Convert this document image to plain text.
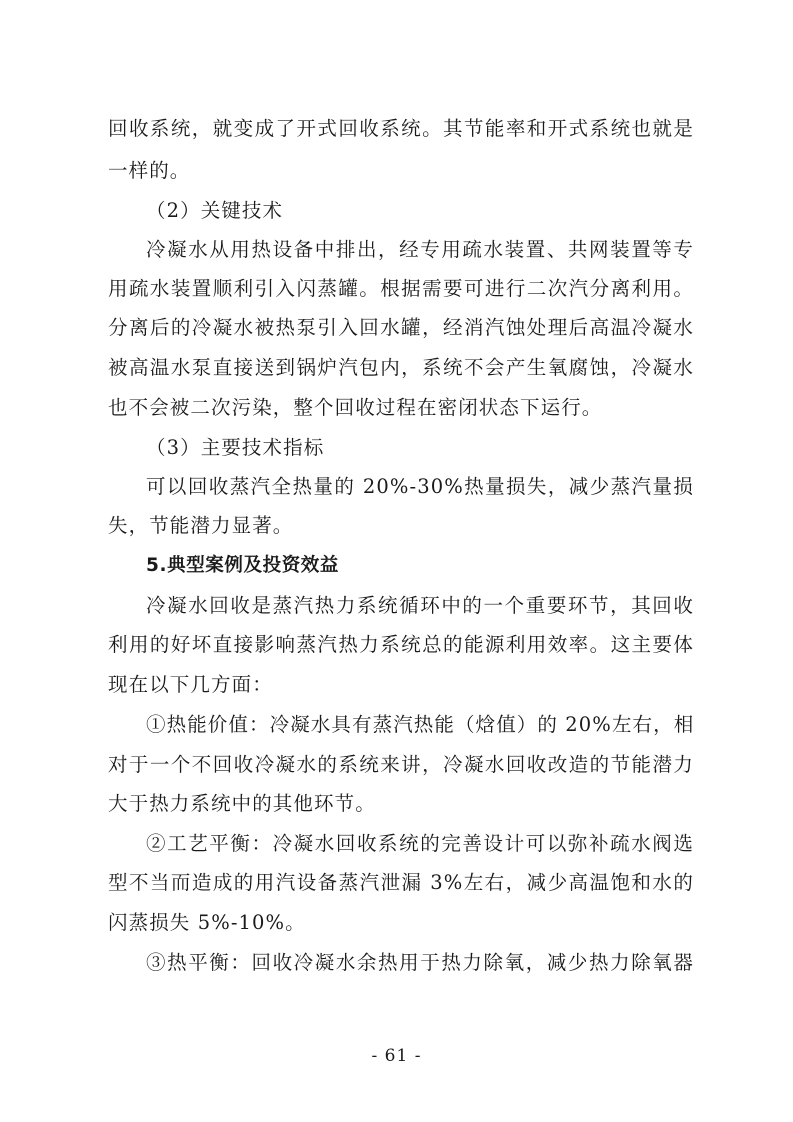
回收系统，就变成了开式回收系统。其节能率和开式系统也就是
一样的。
（2）关键技术
冷凝水从用热设备中排出，经专用疏水装置、共网装置等专
用疏水装置顺利引入闪蒸罐。根据需要可进行二次汽分离利用。
分离后的冷凝水被热泵引入回水罐，经消汽蚀处理后高温冷凝水
被高温水泵直接送到锅炉汽包内，系统不会产生氧腐蚀，冷凝水
也不会被二次污染，整个回收过程在密闭状态下运行。
（3）主要技术指标
可以回收蒸汽全热量的 20%-30%热量损失，减少蒸汽量损
失，节能潜力显著。
5.典型案例及投资效益
冷凝水回收是蒸汽热力系统循环中的一个重要环节，其回收
利用的好坏直接影响蒸汽热力系统总的能源利用效率。这主要体
现在以下几方面：
①热能价值：冷凝水具有蒸汽热能（焓值）的 20%左右，相
对于一个不回收冷凝水的系统来讲，冷凝水回收改造的节能潜力
大于热力系统中的其他环节。
②工艺平衡：冷凝水回收系统的完善设计可以弥补疏水阀选
型不当而造成的用汽设备蒸汽泄漏 3%左右，减少高温饱和水的
闪蒸损失 5%-10%。
③热平衡：回收冷凝水余热用于热力除氧，减少热力除氧器
- 61 -
